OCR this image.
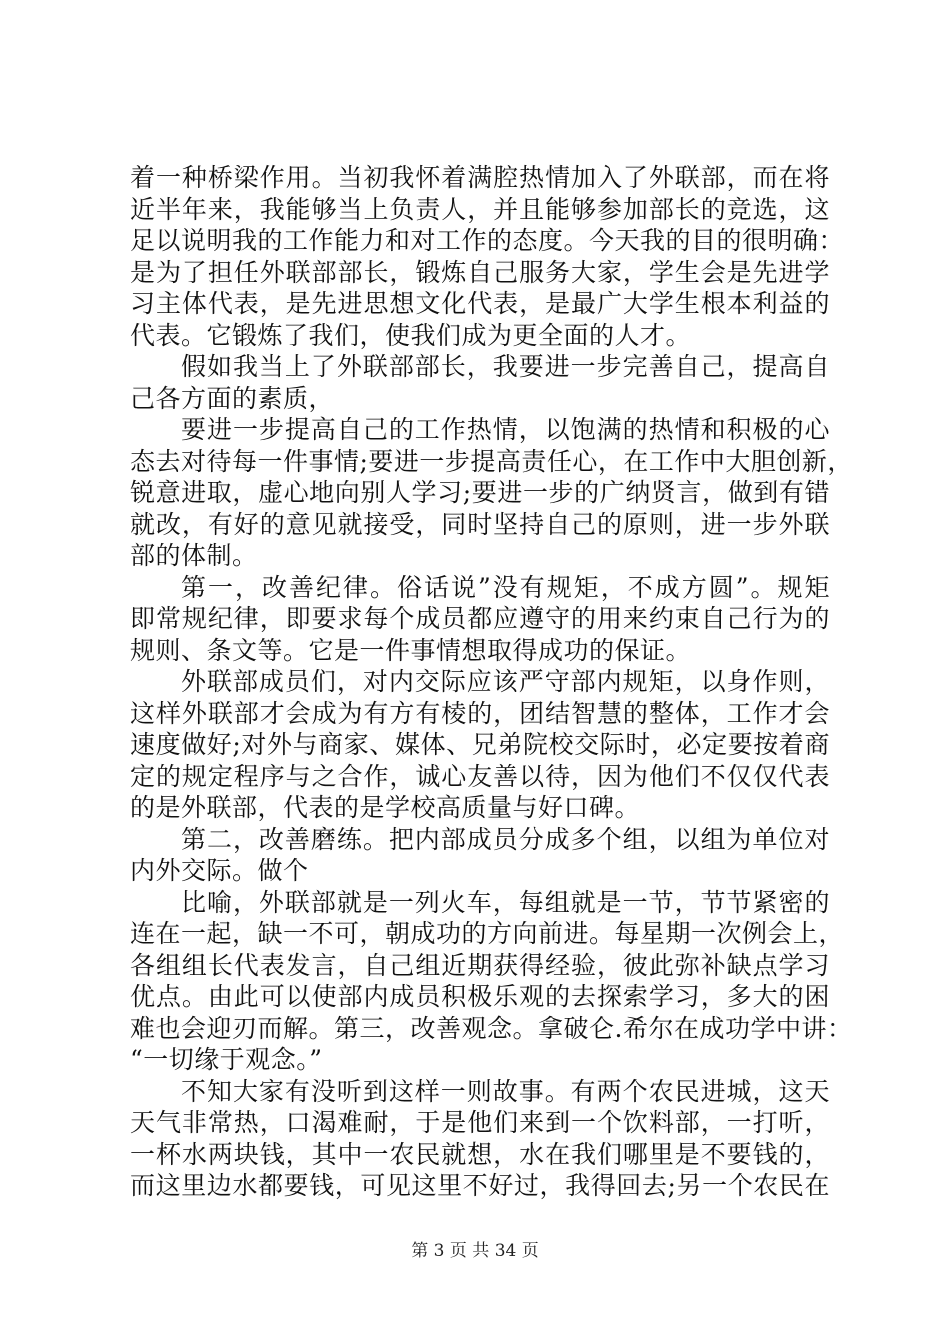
着一种桥梁作用。当初我怀着满腔热情加入了外联部，而在将
近半年来，我能够当上负责人，并且能够参加部长的竞选，这
足以说明我的工作能力和对工作的态度。今天我的目的很明确：
是为了担任外联部部长，锻炼自己服务大家，学生会是先进学
习主体代表，是先进思想文化代表，是最广大学生根本利益的
代表。它锻炼了我们，使我们成为更全面的人才。
假如我当上了外联部部长，我要进一步完善自己，提高自
己各方面的素质，
要进一步提高自己的工作热情，以饱满的热情和积极的心
态去对待每一件事情;要进一步提高责任心，在工作中大胆创新，
锐意进取，虚心地向别人学习;要进一步的广纳贤言，做到有错
就改，有好的意见就接受，同时坚持自己的原则，进一步外联
部的体制。
第一，改善纪律。俗话说”没有规矩，不成方圆”。规矩
即常规纪律，即要求每个成员都应遵守的用来约束自己行为的
规则、条文等。它是一件事情想取得成功的保证。
外联部成员们，对内交际应该严守部内规矩，以身作则，
这样外联部才会成为有方有棱的，团结智慧的整体，工作才会
速度做好;对外与商家、媒体、兄弟院校交际时，必定要按着商
定的规定程序与之合作，诚心友善以待，因为他们不仅仅代表
的是外联部，代表的是学校高质量与好口碑。
第二，改善磨练。把内部成员分成多个组，以组为单位对
内外交际。做个
比喻，外联部就是一列火车，每组就是一节，节节紧密的
连在一起，缺一不可，朝成功的方向前进。每星期一次例会上，
各组组长代表发言，自己组近期获得经验，彼此弥补缺点学习
优点。由此可以使部内成员积极乐观的去探索学习，多大的困
难也会迎刃而解。第三，改善观念。拿破仑.希尔在成功学中讲：
“一切缘于观念。”
不知大家有没听到这样一则故事。有两个农民进城，这天
天气非常热，口渴难耐，于是他们来到一个饮料部，一打听，
一杯水两块钱，其中一农民就想，水在我们哪里是不要钱的，
而这里边水都要钱，可见这里不好过，我得回去;另一个农民在
第 3 页 共 34 页
